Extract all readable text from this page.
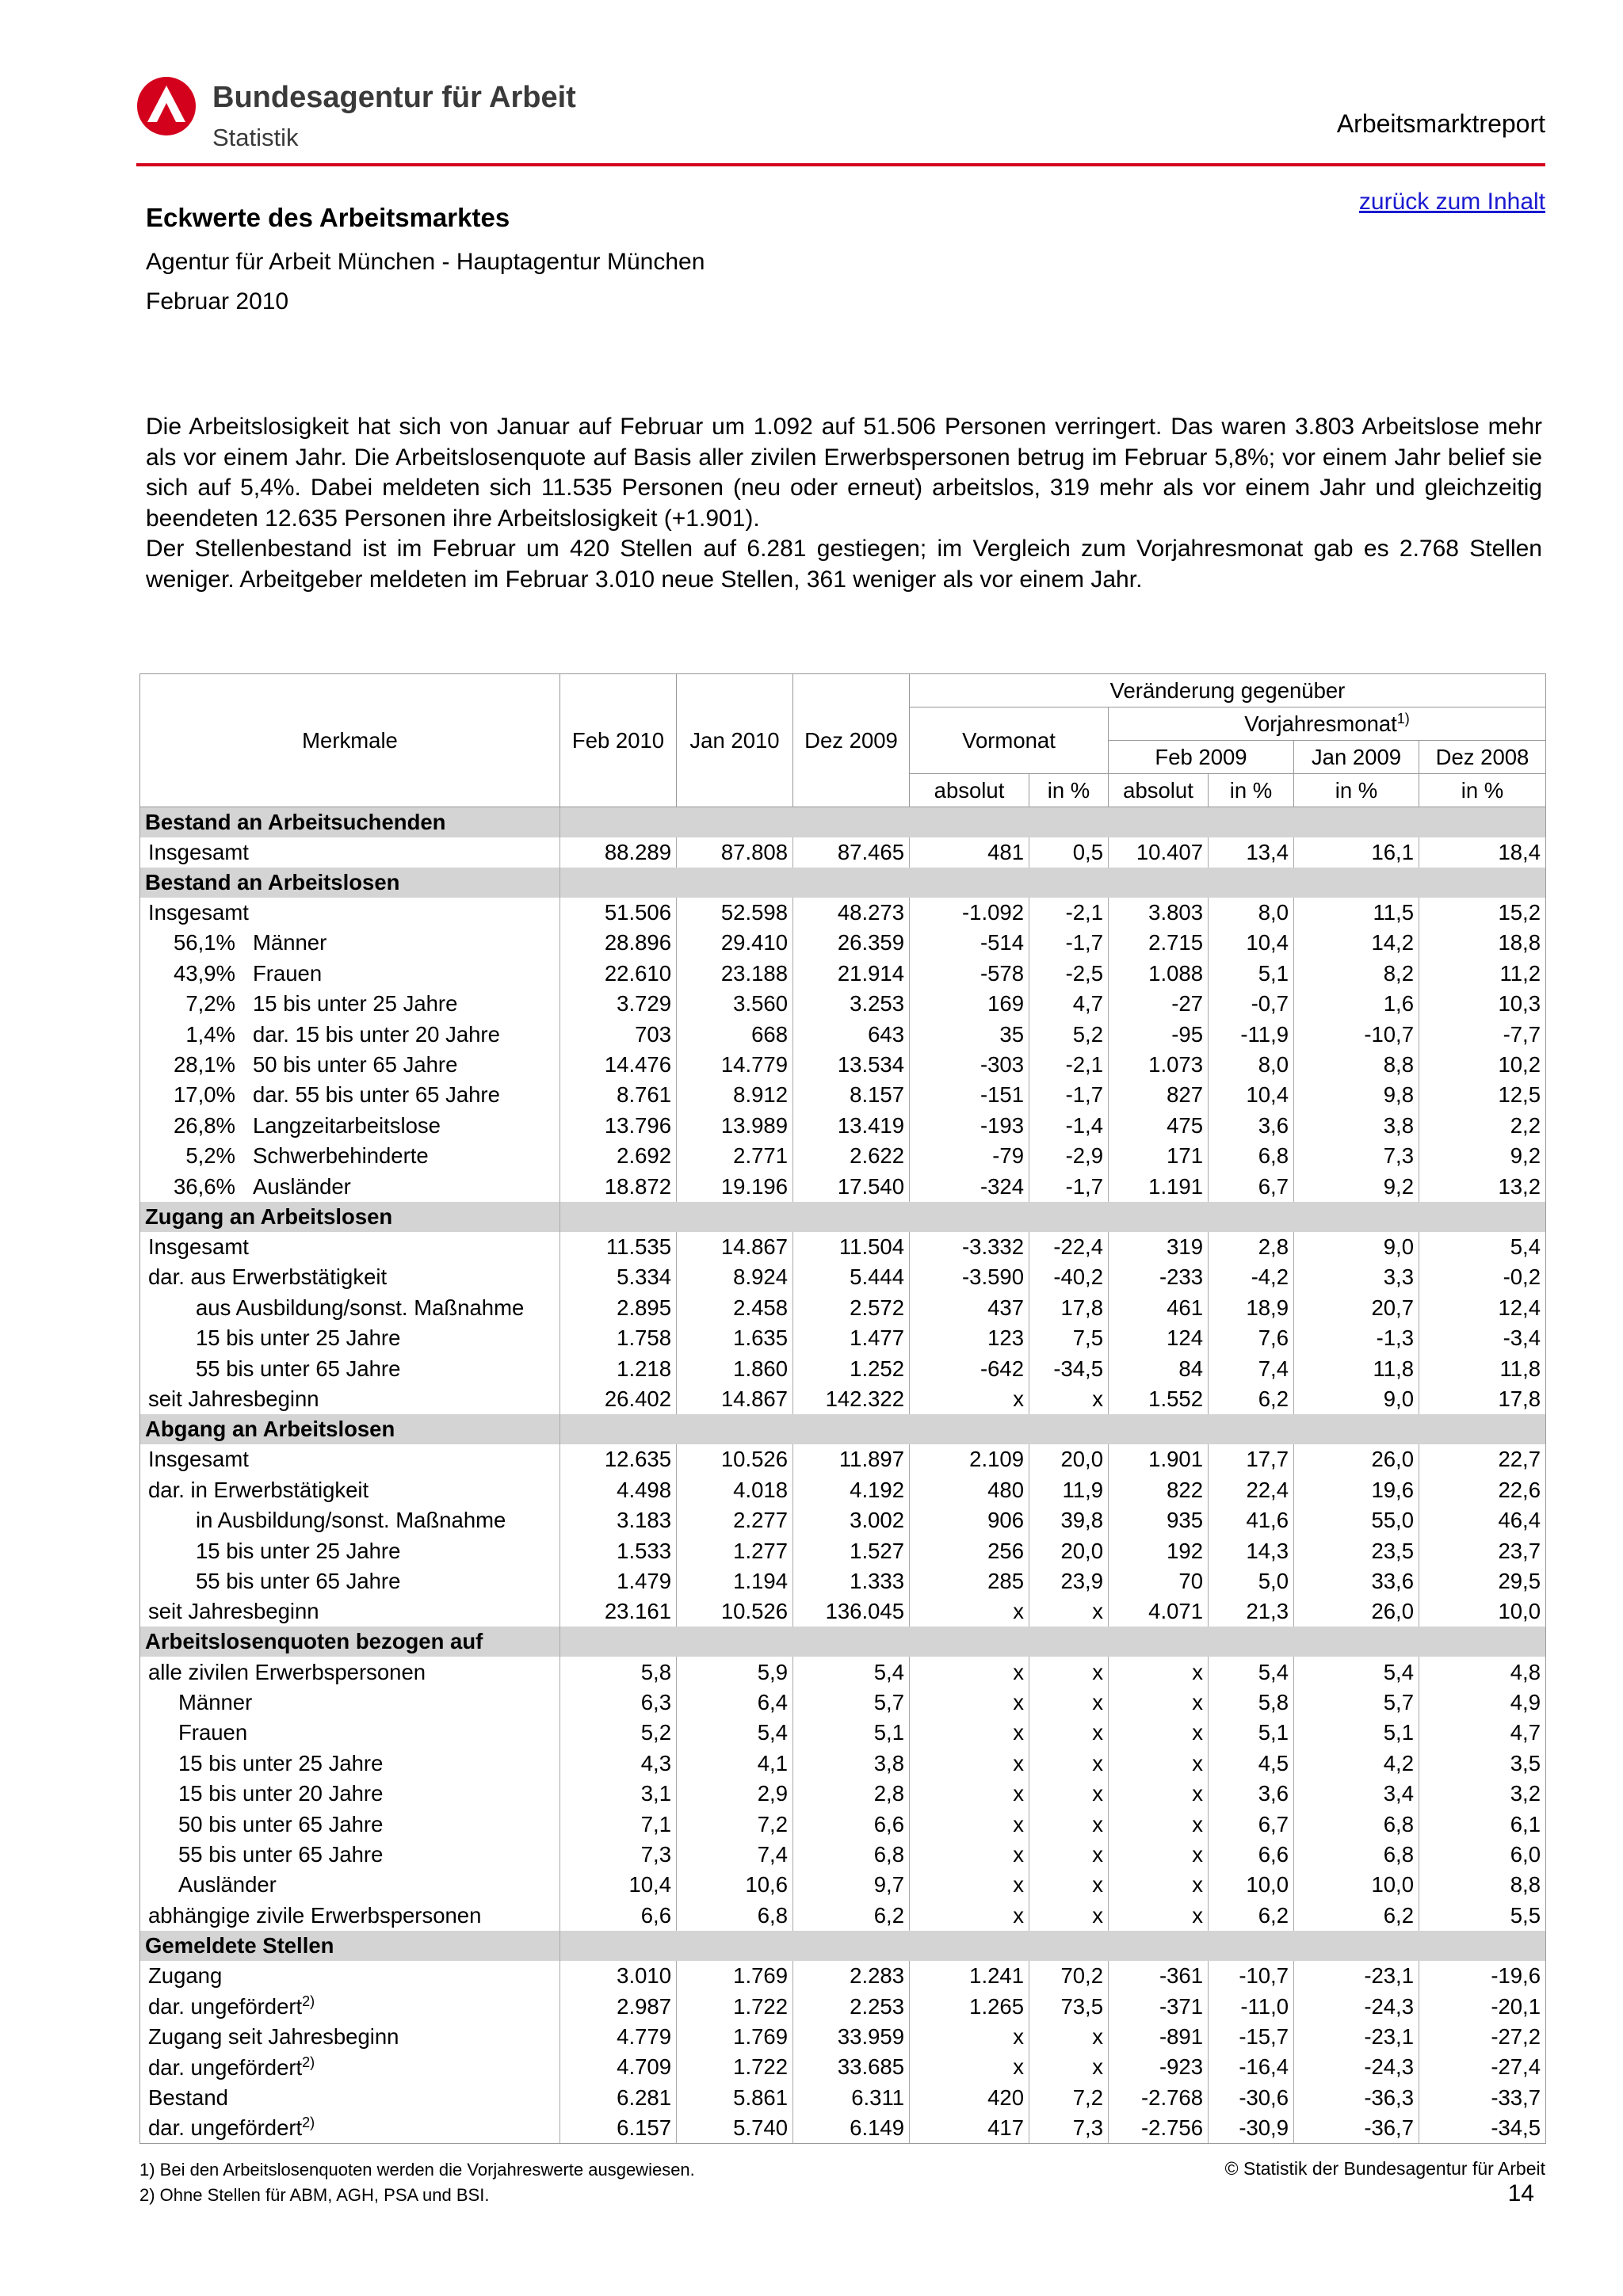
Bundesagentur für Arbeit
Statistik	Arbeitsmarktreport
zurück zum Inhalt
Eckwerte des Arbeitsmarktes
Agentur für Arbeit München - Hauptagentur München
Februar 2010

Die Arbeitslosigkeit hat sich von Januar auf Februar um 1.092 auf 51.506 Personen verringert. Das waren 3.803 Arbeitslose mehr als vor einem Jahr. Die Arbeitslosenquote auf Basis aller zivilen Erwerbspersonen betrug im Februar 5,8%; vor einem Jahr belief sie sich auf 5,4%. Dabei meldeten sich 11.535 Personen (neu oder erneut) arbeitslos, 319 mehr als vor einem Jahr und gleichzeitig beendeten 12.635 Personen ihre Arbeitslosigkeit (+1.901).

Der Stellenbestand ist im Februar um 420 Stellen auf 6.281 gestiegen; im Vergleich zum Vorjahresmonat gab es 2.768 Stellen weniger. Arbeitgeber meldeten im Februar 3.010 neue Stellen, 361 weniger als vor einem Jahr.

Merkmale	Feb 2010	Jan 2010	Dez 2009	Veränderung gegenüber					
				Vormonat		Vorjahresmonat$^{1)}$
						Feb 2009		Jan 2009	Dez 2008
				absolut	in %	absolut	in %	in %	in %
Bestand an Arbeitsuchenden									
Insgesamt	88.289	87.808	87.465	481	0,5	10.407	13,4	16,1	18,4
Bestand an Arbeitslosen									
Insgesamt	51.506	52.598	48.273	-1.092	-2,1	3.803	8,0	11,5	15,2
56,1% Männer	28.896	29.410	26.359	-514	-1,7	2.715	10,4	14,2	18,8
43,9% Frauen	22.610	23.188	21.914	-578	-2,5	1.088	5,1	8,2	11,2
7,2% 15 bis unter 25 Jahre	3.729	3.560	3.253	169	4,7	-27	-0,7	1,6	10,3
1,4% dar. 15 bis unter 20 Jahre	703	668	643	35	5,2	-95	-11,9	-10,7	-7,7
28,1% 50 bis unter 65 Jahre	14.476	14.779	13.534	-303	-2,1	1.073	8,0	8,8	10,2
17,0% dar. 55 bis unter 65 Jahre	8.761	8.912	8.157	-151	-1,7	827	10,4	9,8	12,5
26,8% Langzeitarbeitslose	13.796	13.989	13.419	-193	-1,4	475	3,6	3,8	2,2
5,2% Schwerbehinderte	2.692	2.771	2.622	-79	-2,9	171	6,8	7,3	9,2
36,6% Ausländer	18.872	19.196	17.540	-324	-1,7	1.191	6,7	9,2	13,2
Zugang an Arbeitslosen									
Insgesamt	11.535	14.867	11.504	-3.332	-22,4	319	2,8	9,0	5,4
dar. aus Erwerbstätigkeit	5.334	8.924	5.444	-3.590	-40,2	-233	-4,2	3,3	-0,2
aus Ausbildung/sonst. Maßnahme	2.895	2.458	2.572	437	17,8	461	18,9	20,7	12,4
15 bis unter 25 Jahre	1.758	1.635	1.477	123	7,5	124	7,6	-1,3	-3,4
55 bis unter 65 Jahre	1.218	1.860	1.252	-642	-34,5	84	7,4	11,8	11,8
seit Jahresbeginn	26.402	14.867	142.322	x	x	1.552	6,2	9,0	17,8
Abgang an Arbeitslosen									
Insgesamt	12.635	10.526	11.897	2.109	20,0	1.901	17,7	26,0	22,7
dar. in Erwerbstätigkeit	4.498	4.018	4.192	480	11,9	822	22,4	19,6	22,6
in Ausbildung/sonst. Maßnahme	3.183	2.277	3.002	906	39,8	935	41,6	55,0	46,4
15 bis unter 25 Jahre	1.533	1.277	1.527	256	20,0	192	14,3	23,5	23,7
55 bis unter 65 Jahre	1.479	1.194	1.333	285	23,9	70	5,0	33,6	29,5
seit Jahresbeginn	23.161	10.526	136.045	x	x	4.071	21,3	26,0	10,0
Arbeitslosenquoten bezogen auf									
alle zivilen Erwerbspersonen	5,8	5,9	5,4	x	x	x	5,4	5,4	4,8
Männer	6,3	6,4	5,7	x	x	x	5,8	5,7	4,9
Frauen	5,2	5,4	5,1	x	x	x	5,1	5,1	4,7
15 bis unter 25 Jahre	4,3	4,1	3,8	x	x	x	4,5	4,2	3,5
15 bis unter 20 Jahre	3,1	2,9	2,8	x	x	x	3,6	3,4	3,2
50 bis unter 65 Jahre	7,1	7,2	6,6	x	x	x	6,7	6,8	6,1
55 bis unter 65 Jahre	7,3	7,4	6,8	x	x	x	6,6	6,8	6,0
Ausländer	10,4	10,6	9,7	x	x	x	10,0	10,0	8,8
abhängige zivile Erwerbspersonen	6,6	6,8	6,2	x	x	x	6,2	6,2	5,5
Gemeldete Stellen									
Zugang	3.010	1.769	2.283	1.241	70,2	-361	-10,7	-23,1	-19,6
dar. ungefördert$^{2)}$	2.987	1.722	2.253	1.265	73,5	-371	-11,0	-24,3	-20,1
Zugang seit Jahresbeginn	4.779	1.769	33.959	x	x	-891	-15,7	-23,1	-27,2
dar. ungefördert$^{2)}$	4.709	1.722	33.685	x	x	-923	-16,4	-24,3	-27,4
Bestand	6.281	5.861	6.311	420	7,2	-2.768	-30,6	-36,3	-33,7
dar. ungefördert$^{2)}$	6.157	5.740	6.149	417	7,3	-2.756	-30,9	-36,7	-34,5
1) Bei den Arbeitslosenquoten werden die Vorjahreswerte ausgewiesen.
2) Ohne Stellen für ABM, AGH, PSA und BSI.
© Statistik der Bundesagentur für Arbeit
14
